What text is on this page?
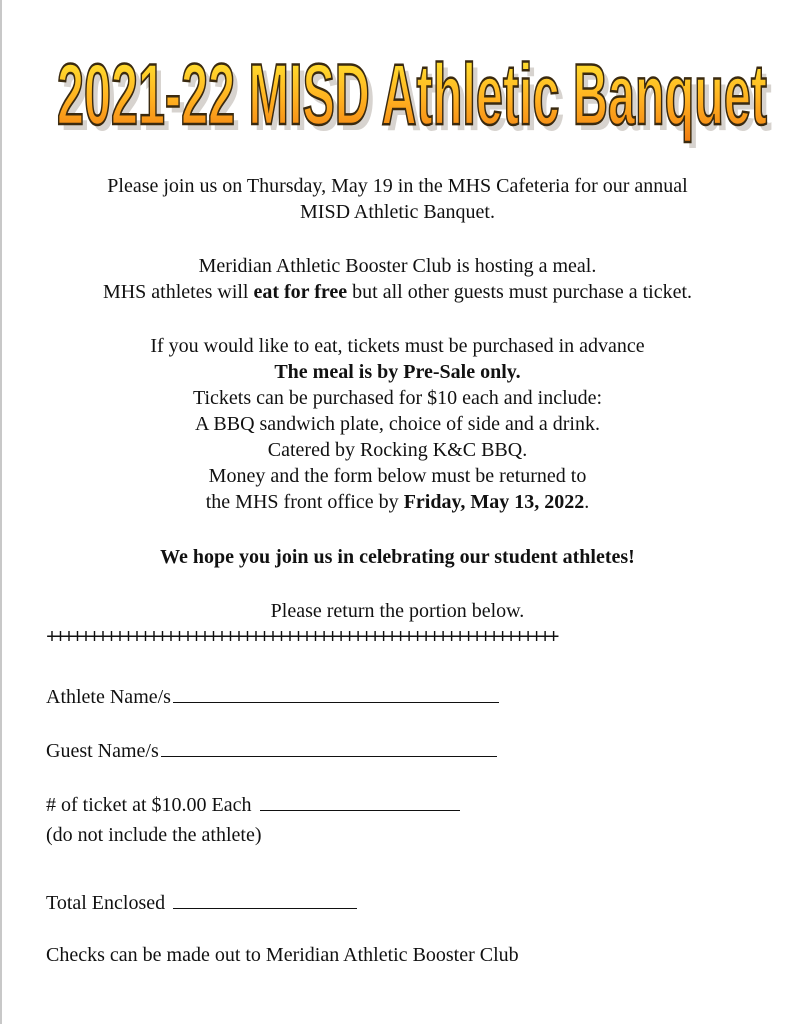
2021-22 MISD Athletic Banquet
2021-22 MISD Athletic Banquet
Please join us on Thursday, May 19 in the MHS Cafeteria for our annual
MISD Athletic Banquet.
Meridian Athletic Booster Club is hosting a meal.
MHS athletes will eat for free but all other guests must purchase a ticket.
If you would like to eat, tickets must be purchased in advance
The meal is by Pre-Sale only.
Tickets can be purchased for $10 each and include:
A BBQ sandwich plate, choice of side and a drink.
Catered by Rocking K&C BBQ.
Money and the form below must be returned to
the MHS front office by Friday, May 13, 2022.
We hope you join us in celebrating our student athletes!
Please return the portion below.
++++++++++++++++++++++++++++++++++++++++++++++++++++++++++++
Athlete Name/s
Guest Name/s
# of ticket at $10.00 Each
(do not include the athlete)
Total Enclosed
Checks can be made out to Meridian Athletic Booster Club
